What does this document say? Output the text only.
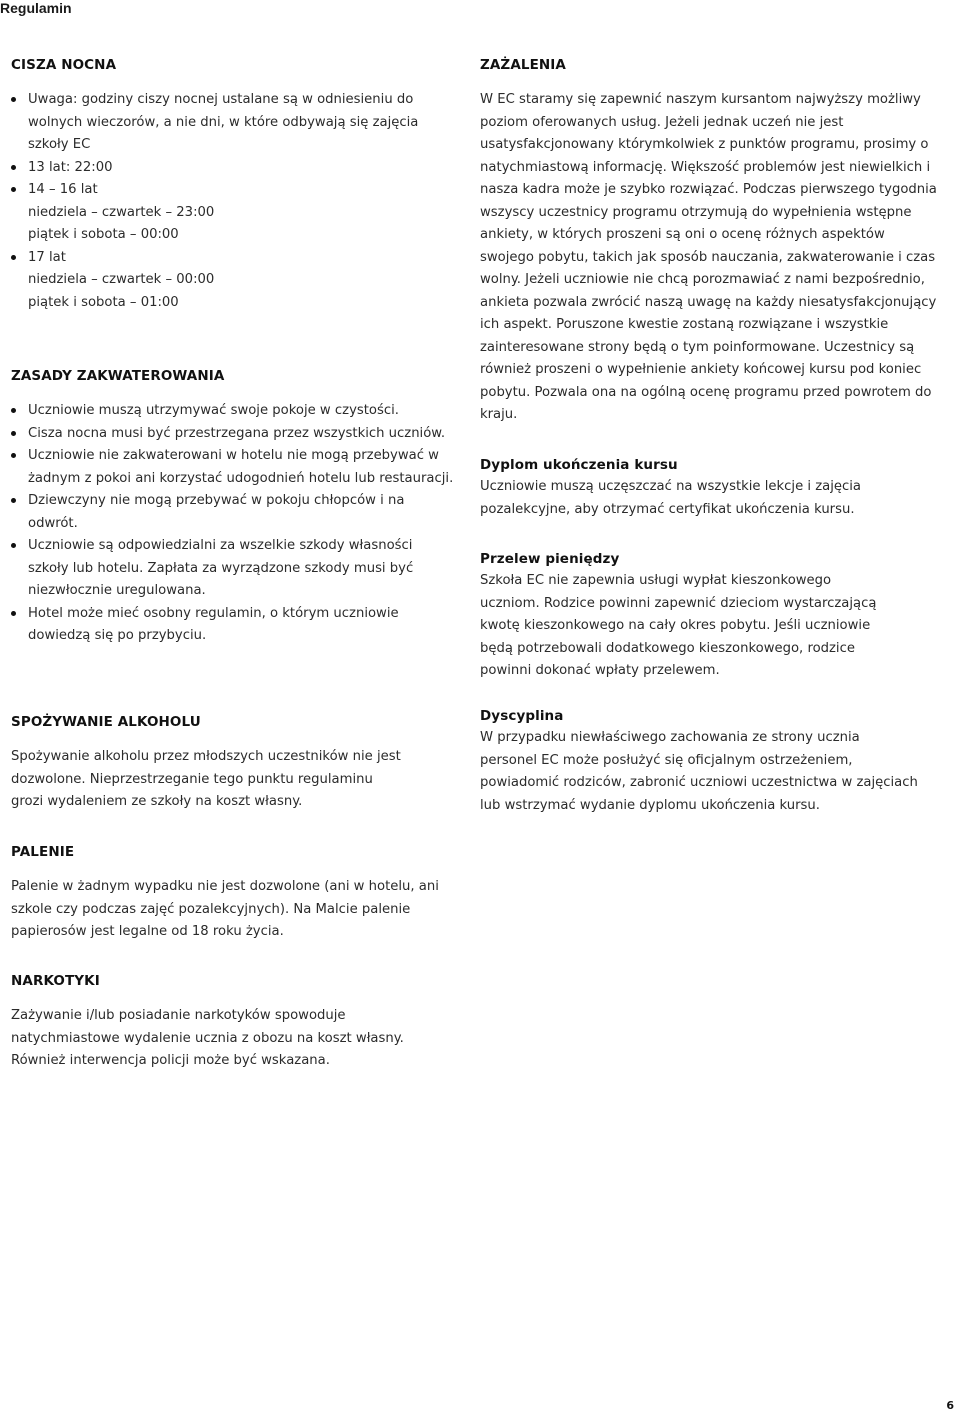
Regulamin
CISZA NOCNA
Uwaga: godziny ciszy nocnej ustalane są w odniesieniu do wolnych wieczorów, a nie dni, w które odbywają się zajęcia szkoły EC
13 lat: 22:00
14 – 16 lat
niedziela – czwartek – 23:00
piątek i sobota – 00:00
17 lat
niedziela – czwartek – 00:00
piątek i sobota – 01:00
ZASADY ZAKWATEROWANIA
Uczniowie muszą utrzymywać swoje pokoje w czystości.
Cisza nocna musi być przestrzegana przez wszystkich uczniów.
Uczniowie nie zakwaterowani w hotelu nie mogą przebywać w żadnym z pokoi ani korzystać udogodnień hotelu lub restauracji.
Dziewczyny nie mogą przebywać w pokoju chłopców i na odwrót.
Uczniowie są odpowiedzialni za wszelkie szkody własności szkoły lub hotelu. Zapłata za wyrządzone szkody musi być niezwłocznie uregulowana.
Hotel może mieć osobny regulamin, o którym uczniowie dowiedzą się po przybyciu.
SPOŻYWANIE ALKOHOLU

Spożywanie alkoholu przez młodszych uczestników nie jest dozwolone. Nieprzestrzeganie tego punktu regulaminu grozi wydaleniem ze szkoły na koszt własny.

PALENIE

Palenie w żadnym wypadku nie jest dozwolone (ani w hotelu, ani szkole czy podczas zajęć pozalekcyjnych). Na Malcie palenie papierosów jest legalne od 18 roku życia.

NARKOTYKI

Zażywanie i/lub posiadanie narkotyków spowoduje natychmiastowe wydalenie ucznia z obozu na koszt własny. Również interwencja policji może być wskazana.

ZAŻALENIA

W EC staramy się zapewnić naszym kursantom najwyższy możliwy poziom oferowanych usług. Jeżeli jednak uczeń nie jest usatysfakcjonowany którymkolwiek z punktów programu, prosimy o natychmiastową informację. Większość problemów jest niewielkich i nasza kadra może je szybko rozwiązać. Podczas pierwszego tygodnia wszyscy uczestnicy programu otrzymują do wypełnienia wstępne ankiety, w których proszeni są oni o ocenę różnych aspektów swojego pobytu, takich jak sposób nauczania, zakwaterowanie i czas wolny. Jeżeli uczniowie nie chcą porozmawiać z nami bezpośrednio, ankieta pozwala zwrócić naszą uwagę na każdy niesatysfakcjonujący ich aspekt. Poruszone kwestie zostaną rozwiązane i wszystkie zainteresowane strony będą o tym poinformowane. Uczestnicy są również proszeni o wypełnienie ankiety końcowej kursu pod koniec pobytu. Pozwala ona na ogólną ocenę programu przed powrotem do kraju.

Dyplom ukończenia kursu

Uczniowie muszą uczęszczać na wszystkie lekcje i zajęcia pozalekcyjne, aby otrzymać certyfikat ukończenia kursu.

Przelew pieniędzy

Szkoła EC nie zapewnia usługi wypłat kieszonkowego uczniom. Rodzice powinni zapewnić dzieciom wystarczającą kwotę kieszonkowego na cały okres pobytu. Jeśli uczniowie będą potrzebowali dodatkowego kieszonkowego, rodzice powinni dokonać wpłaty przelewem.

Dyscyplina

W przypadku niewłaściwego zachowania ze strony ucznia personel EC może posłużyć się oficjalnym ostrzeżeniem, powiadomić rodziców, zabronić uczniowi uczestnictwa w zajęciach lub wstrzymać wydanie dyplomu ukończenia kursu.

6
